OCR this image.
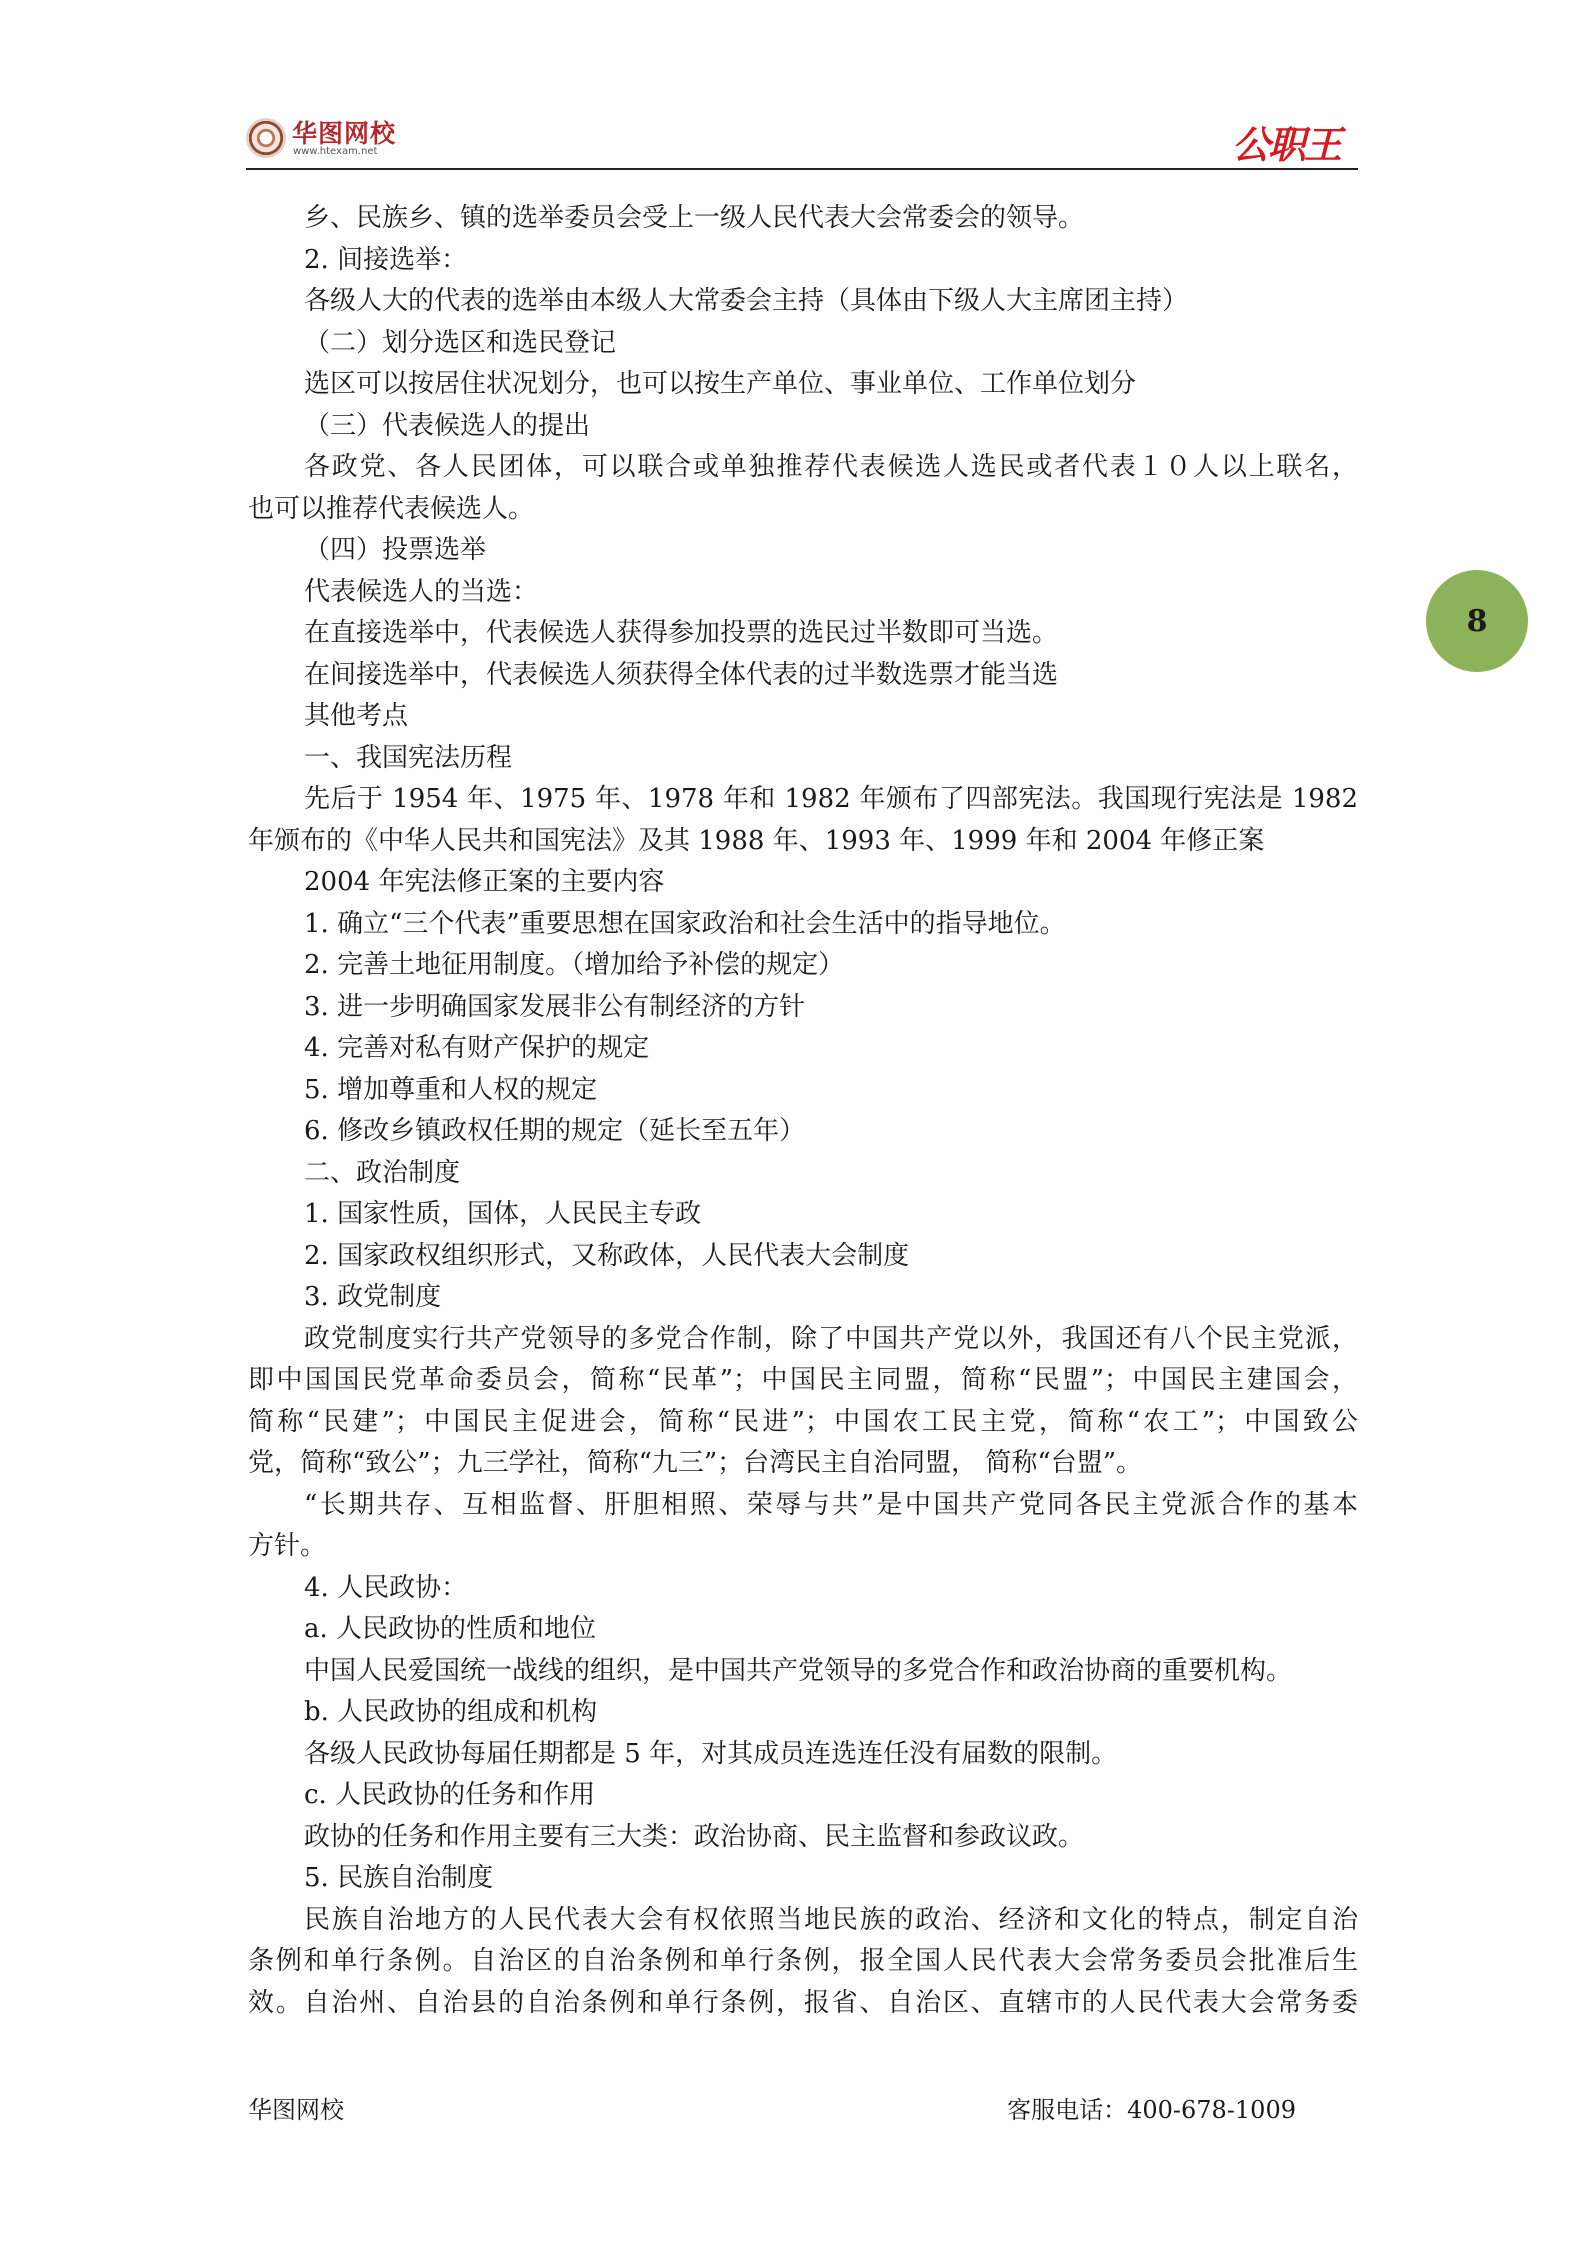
华图网校
www.htexam.net	公职王
8
乡、民族乡、镇的选举委员会受上一级人民代表大会常委会的领导。
2. 间接选举：
各级人大的代表的选举由本级人大常委会主持（具体由下级人大主席团主持）
（二）划分选区和选民登记
选区可以按居住状况划分，也可以按生产单位、事业单位、工作单位划分
（三）代表候选人的提出
各政党、各人民团体，可以联合或单独推荐代表候选人选民或者代表１０人以上联名，
也可以推荐代表候选人。
（四）投票选举
代表候选人的当选：
在直接选举中，代表候选人获得参加投票的选民过半数即可当选。
在间接选举中，代表候选人须获得全体代表的过半数选票才能当选
其他考点
一、我国宪法历程
先后于 1954 年、1975 年、1978 年和 1982 年颁布了四部宪法。我国现行宪法是 1982
年颁布的《中华人民共和国宪法》及其 1988 年、1993 年、1999 年和 2004 年修正案
2004 年宪法修正案的主要内容
1. 确立“三个代表”重要思想在国家政治和社会生活中的指导地位。
2. 完善土地征用制度。（增加给予补偿的规定）
3. 进一步明确国家发展非公有制经济的方针
4. 完善对私有财产保护的规定
5. 增加尊重和人权的规定
6. 修改乡镇政权任期的规定（延长至五年）
二、政治制度
1. 国家性质，国体，人民民主专政
2. 国家政权组织形式，又称政体，人民代表大会制度
3. 政党制度
政党制度实行共产党领导的多党合作制，除了中国共产党以外，我国还有八个民主党派，
即中国国民党革命委员会，简称“民革”；中国民主同盟，简称“民盟”；中国民主建国会，
简称“民建”；中国民主促进会，简称“民进”；中国农工民主党，简称“农工”；中国致公
党，简称“致公”；九三学社，简称“九三”；台湾民主自治同盟， 简称“台盟”。
“长期共存、互相监督、肝胆相照、荣辱与共”是中国共产党同各民主党派合作的基本
方针。
4. 人民政协：
a. 人民政协的性质和地位
中国人民爱国统一战线的组织，是中国共产党领导的多党合作和政治协商的重要机构。
b. 人民政协的组成和机构
各级人民政协每届任期都是 5 年，对其成员连选连任没有届数的限制。
c. 人民政协的任务和作用
政协的任务和作用主要有三大类：政治协商、民主监督和参政议政。
5. 民族自治制度
民族自治地方的人民代表大会有权依照当地民族的政治、经济和文化的特点，制定自治
条例和单行条例。自治区的自治条例和单行条例，报全国人民代表大会常务委员会批准后生
效。自治州、自治县的自治条例和单行条例，报省、自治区、直辖市的人民代表大会常务委
华图网校	客服电话：400-678-1009
